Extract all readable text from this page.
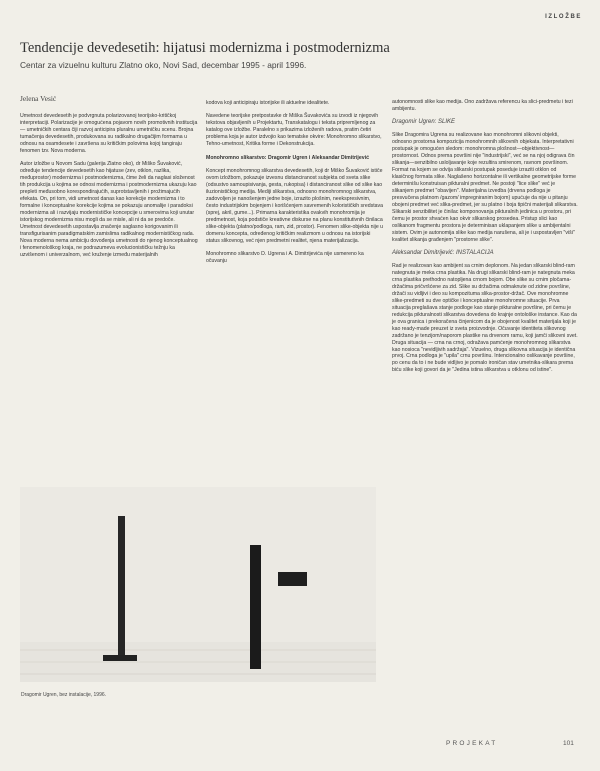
IZLOŽBE
Tendencije devedesetih: hijatusi modernizma i postmodernizma
Centar za vizuelnu kulturu Zlatno oko, Novi Sad, decembar 1995 - april 1996.

Jelena Vesić

Umetnost devedesetih je podvrgnuta polarizovanoj teorijsko-kritičkoj interpretaciji. Polarizacije je omogućena pojavom novih promotivnih institucija — umetničkih centara čiji razvoj anticipira pluralnu umetničku scenu. Brojna tumačenja devedesetih, produkovana su radikalno drugačijim formama u odnosu na osamdesete i završena su kritičkim polovima kojoj tangiraju fenomen tzv. Nova moderna.

Autor izložbe u Novom Sadu (galerija Zlatno oko), dr Miško Šuvaković, određuje tendencije devedesetih kao hijatuse (zev, otklon, razlika, međuprostor) modernizma i postmodernizma, čime želi da naglasi složenost tih produkcija u kojima se odnosi modernizma i postmodernizma ukazuju kao prepleti međusobno korespondirajućih, suprotstavljenih i prožimajućih efekata. On, pri tom, vidi umetnost danas kao korekcije modernizma i to formalne i konceptualne korekcije kojima se pokazuju anomalije i paradoksi modernizma ali i razvijaju modernističke koncepcije u smerovima koji unutar istorijskog modernizma nisu mogli da se misle, ali ni da se predoče. Umetnost devedesetih uspostavlja značenje saglasno korigovanim ili transfigurisanim paradigmatskim zamislima radikalnog modernističkog rada. Nova moderna nema ambiciju dovođenja umetnosti do njenog konceptualnog i fenomenološkog kraja, ne podrazumeva evolucionističku težnju ka uzvišenom i univerzalnom, već kruženje između materijalnih

kodova koji anticipiraju istorijske ili aktuelne idealitete.

Navedene teorijske pretpostavke dr Miška Šuvakovića su izvodi iz njegovih tekstova objavljenih u Projektartu, Transkatalogu i teksta pripremljenog za katalog ove izložbe. Paralelno s prikazima izloženih radova, pratim četiri problema koja je autor izdvojio kao tematske okvire: Monohromno slikarstvo, Tehno-umetnost, Kritika forme i Dekonstrukcija.

Monohromno slikarstvo: Dragomir Ugren i Aleksandar Dimitrijević

Koncept monohromnog slikarstva devedesetih, koji dr Miško Šuvaković ističe ovom izložbom, pokazuje izvesnu distanciranost subjekta od sveta slike (odsustvo samoupisivanja, gesta, rukopisa) i distanciranost slike od slike kao iluzionističkog medija. Mediji slikarstva, odnosno monohromnog slikarstva, zadovoljen je nanošenjem jedne boje, izrazito plošnim, neekspresivnim, često industrijskim bojenjem i korišćenjem savremenih kolorističkih sredstava (sprej, akril, gume...). Primarna karakteristika ovakvih monohromija je predmetnost, koja podstiče kreativne diskurse na planu konstitutivnih činilaca slike-objekta (platno/podloga, ram, zid, prostor). Fenomen slike-objekta nije u domenu koncepta, određenog kritičkim realizmom u odnosu na istorijski status slikovnog, već njen predmetni realitet, njena materijalizacija.

Monohromno slikarstvo D. Ugrena i A. Dimitrijevića nije usmereno ka očuvanju

autonomnosti slike kao medija. Ono zadržava referencu ka slici-predmetu i tezi ambijentu.

Dragomir Ugren: SLIKE

Slike Dragomira Ugrena su realizovane kao monohromni slikovni objekti, odnosno prostorna kompozicija monohromnih slikovnih objekata. Interpretativni postupak je omogućen sledom: monohromna plošnost—objektivnost—prostornost. Odnos prema površini nije "industrijski", već se na njoj odigrava čin slikanja—senzibilno usloljavanje koje rezultira smirenom, ravnom površinom. Format na kojem se odvija slikarski postupak poseduje izraziti otklon od klasičnog formata slike. Naglašeno horizontalne ili vertikalne geometrijske forme determinišu konstruisan pikturalni predmet. Ne postoji "lice slike" već je slikanjem predmet "obavijen". Materijalna izvedba (drvena podloga je presvučena platnom /gazom/ impregniranim bojom) upućuje da nije u pitanju obojeni predmet već slika-predmet, jer su platno i boja tipični materijali slikarstva. Slikarski senzibilitet je činilac komponovanja pikturalnih jedinica u prostoru, pri čemu je prostor shvaćen kao okvir slikarskog prosedea. Pristup slici kao oslikanom fragmentu prostora je determinisan uklapanjem slike u ambijentalni sistem. Ovim je autonomija slike kao medija narušena, ali je i uspostavljen "viši" kvalitet slikanja građenjem "prostorne slike".

Aleksandar Dimitrijević: INSTALACIJA

Rad je realizovan kao ambijent sa crnim deplonom. Na jedan slikarski blind-ram nategnuta je meka crna plastika. Na drugi slikarski blind-ram je nategnuta meka crna plastika prethodno natopljena crnom bojom. Obe slike su crnim pločama-držačima pričvršćene za zid. Slike su držačima odmaknute od zidne površine, držači su vidljivi i deo su kompozituma slika-prostor-držač. Ove monohromne slike-predmeti su dve optičke i konceptualne monohromne situacije. Prva situacija preglašava stanje podloge kao stanje pikturalne površine, pri čemu je redukcija pikturalnosti slikarstva dovedena do krajnje ontološke instance. Kao da je ova granica i prekoračena činjenicom da je obojenost kvalitet materijala koji je kao ready-made preuzet iz sveta proizvodnje. Očuvanje identiteta slikovnog zadržano je tenzijom/naporom plastike na drvenom ramu, koji jamči slikovni svet. Druga situacija — crna na crnoj, odražava pamćenje monohromnog slikarstva kao nosioca "nevidljivih sadržaja". Vizuelno, druga slikovna situacija je identična prvoj. Crna podloga je "upila" crnu površinu. Intencionalno oslikavanje površine, po cenu da to i ne bude vidljivo je pomalo ironičan stav umetnika-slikara prema biću slike koji govori da je "Jedina istina slikarstva u otklonu od istine".

Dragomir Ugren, bez instalacije, 1996.
PROJEKAT	101
